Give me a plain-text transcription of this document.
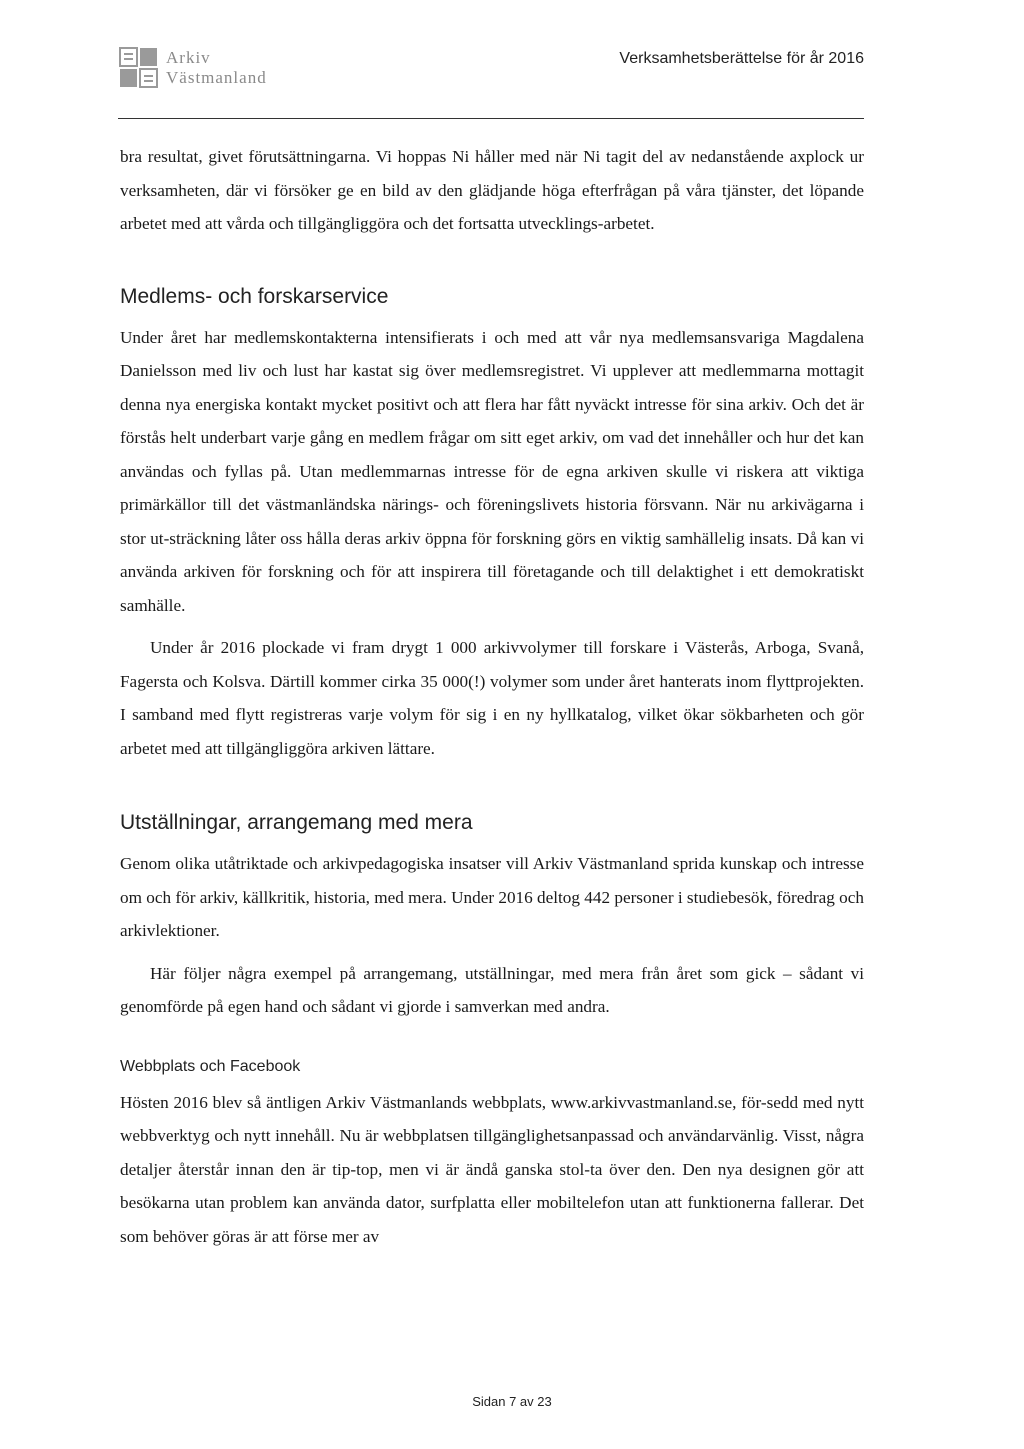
Arkiv
Västmanland
Verksamhetsberättelse för år 2016

bra resultat, givet förutsättningarna. Vi hoppas Ni håller med när Ni tagit del av nedanstående axplock ur verksamheten, där vi försöker ge en bild av den glädjande höga efterfrågan på våra tjänster, det löpande arbetet med att vårda och tillgängliggöra och det fortsatta utvecklings-arbetet.

Medlems- och forskarservice

Under året har medlemskontakterna intensifierats i och med att vår nya medlemsansvariga Magdalena Danielsson med liv och lust har kastat sig över medlemsregistret. Vi upplever att medlemmarna mottagit denna nya energiska kontakt mycket positivt och att flera har fått nyväckt intresse för sina arkiv. Och det är förstås helt underbart varje gång en medlem frågar om sitt eget arkiv, om vad det innehåller och hur det kan användas och fyllas på. Utan medlemmarnas intresse för de egna arkiven skulle vi riskera att viktiga primärkällor till det västmanländska närings- och föreningslivets historia försvann. När nu arkivägarna i stor ut-sträckning låter oss hålla deras arkiv öppna för forskning görs en viktig samhällelig insats. Då kan vi använda arkiven för forskning och för att inspirera till företagande och till delaktighet i ett demokratiskt samhälle.

Under år 2016 plockade vi fram drygt 1 000 arkivvolymer till forskare i Västerås, Arboga, Svanå, Fagersta och Kolsva. Därtill kommer cirka 35 000(!) volymer som under året hanterats inom flyttprojekten. I samband med flytt registreras varje volym för sig i en ny hyllkatalog, vilket ökar sökbarheten och gör arbetet med att tillgängliggöra arkiven lättare.

Utställningar, arrangemang med mera

Genom olika utåtriktade och arkivpedagogiska insatser vill Arkiv Västmanland sprida kunskap och intresse om och för arkiv, källkritik, historia, med mera. Under 2016 deltog 442 personer i studiebesök, föredrag och arkivlektioner.

Här följer några exempel på arrangemang, utställningar, med mera från året som gick – sådant vi genomförde på egen hand och sådant vi gjorde i samverkan med andra.

Webbplats och Facebook

Hösten 2016 blev så äntligen Arkiv Västmanlands webbplats, www.arkivvastmanland.se, för-sedd med nytt webbverktyg och nytt innehåll. Nu är webbplatsen tillgänglighetsanpassad och användarvänlig. Visst, några detaljer återstår innan den är tip-top, men vi är ändå ganska stol-ta över den. Den nya designen gör att besökarna utan problem kan använda dator, surfplatta eller mobiltelefon utan att funktionerna fallerar. Det som behöver göras är att förse mer av

Sidan 7 av 23
